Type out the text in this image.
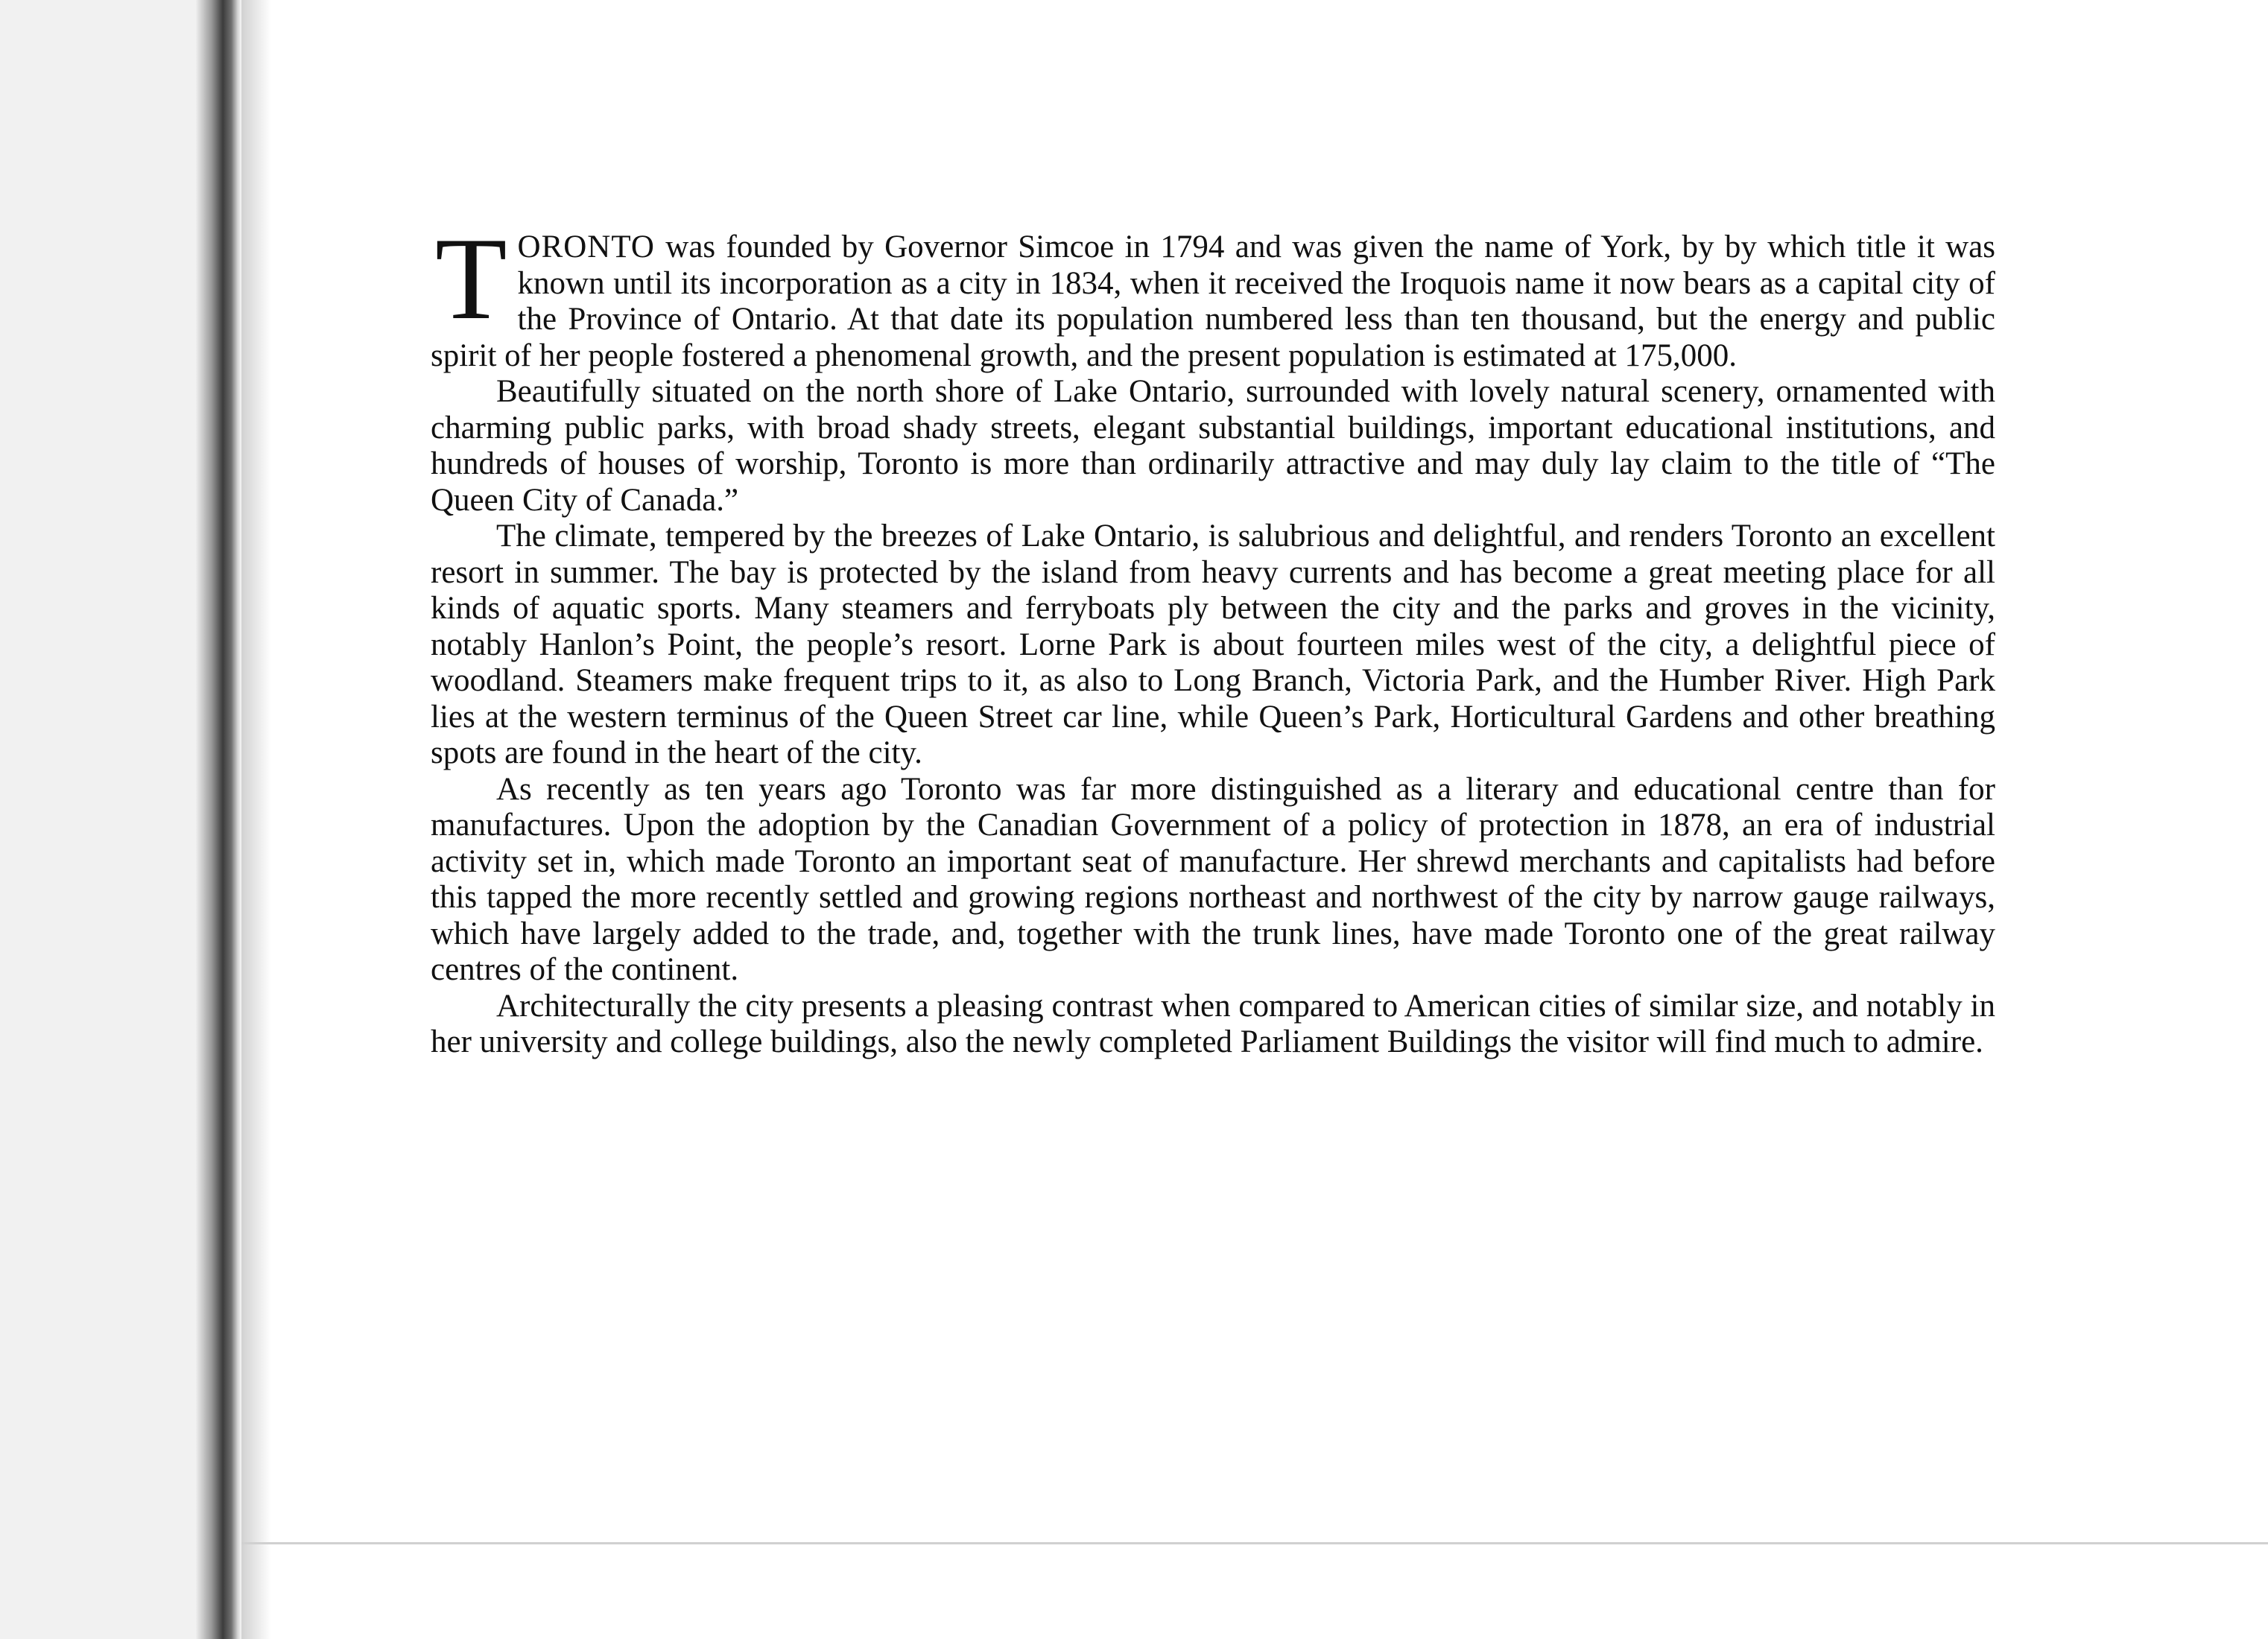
TORONTO was founded by Governor Simcoe in 1794 and was given the name of York, by by which title it was known until its incorporation as a city in 1834, when it received the Iroquois name it now bears as a capital city of the Province of Ontario. At that date its population numbered less than ten thousand, but the energy and public spirit of her people fostered a phenomenal growth, and the present population is estimated at 175,000.

Beautifully situated on the north shore of Lake Ontario, surrounded with lovely natural scenery, ornamented with charming public parks, with broad shady streets, elegant substantial buildings, important educational institutions, and hundreds of houses of worship, Toronto is more than ordinarily attractive and may duly lay claim to the title of “The Queen City of Canada.”

The climate, tempered by the breezes of Lake Ontario, is salubrious and delightful, and renders Toronto an excellent resort in summer. The bay is protected by the island from heavy currents and has become a great meeting place for all kinds of aquatic sports. Many steamers and ferryboats ply between the city and the parks and groves in the vicinity, notably Hanlon’s Point, the people’s resort. Lorne Park is about fourteen miles west of the city, a delightful piece of woodland. Steamers make frequent trips to it, as also to Long Branch, Victoria Park, and the Humber River. High Park lies at the western terminus of the Queen Street car line, while Queen’s Park, Horticultural Gardens and other breathing spots are found in the heart of the city.

As recently as ten years ago Toronto was far more distinguished as a literary and educational centre than for manufactures. Upon the adoption by the Canadian Government of a policy of protection in 1878, an era of industrial activity set in, which made Toronto an important seat of manufacture. Her shrewd merchants and capitalists had before this tapped the more recently settled and growing regions northeast and northwest of the city by narrow gauge railways, which have largely added to the trade, and, together with the trunk lines, have made Toronto one of the great railway centres of the continent.

Architecturally the city presents a pleasing contrast when compared to American cities of similar size, and notably in her university and college buildings, also the newly completed Parliament Buildings the visitor will find much to admire.
